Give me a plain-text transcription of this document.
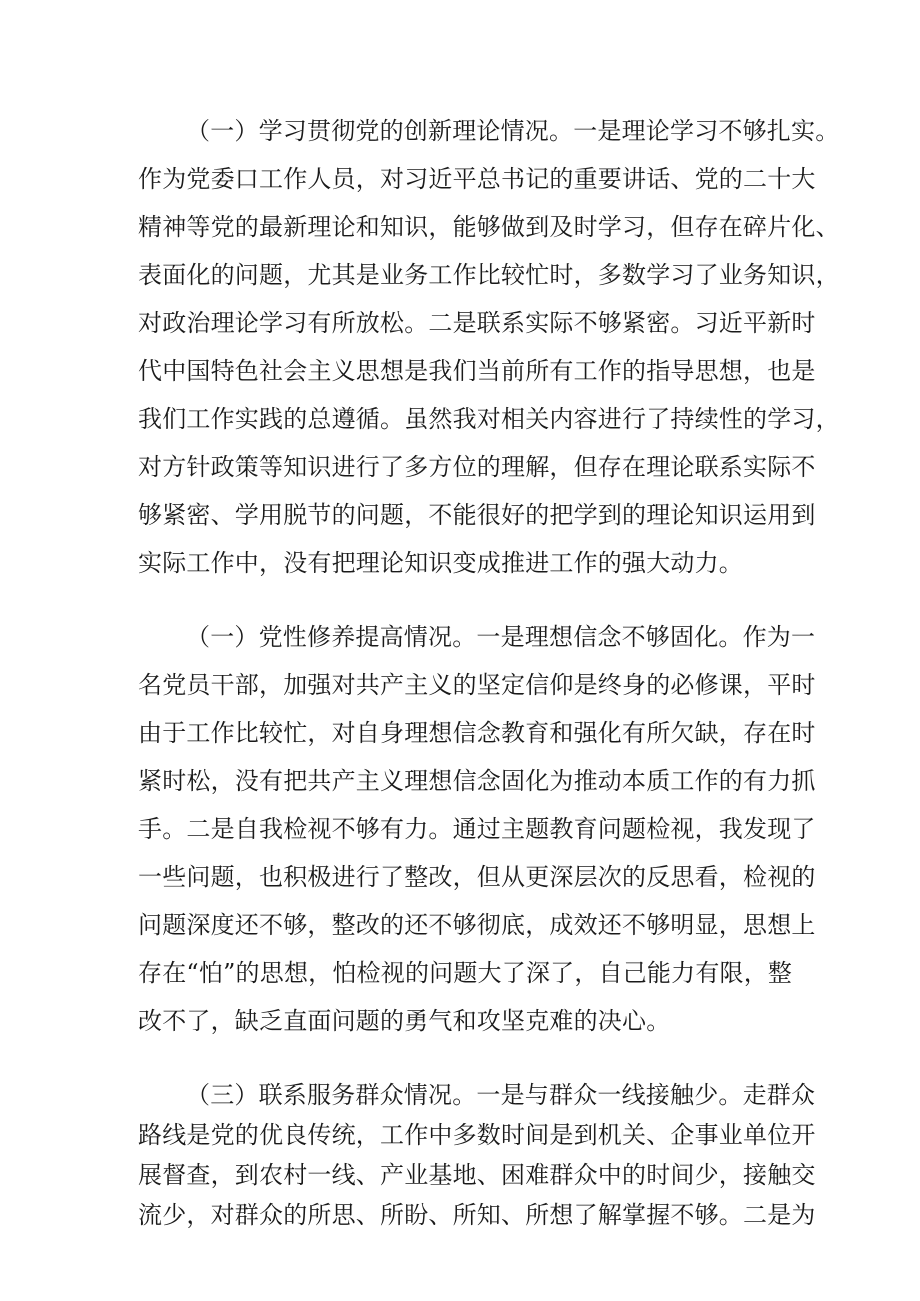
（一）学习贯彻党的创新理论情况。一是理论学习不够扎实。
作为党委口工作人员，对习近平总书记的重要讲话、党的二十大
精神等党的最新理论和知识，能够做到及时学习，但存在碎片化、
表面化的问题，尤其是业务工作比较忙时，多数学习了业务知识，
对政治理论学习有所放松。二是联系实际不够紧密。习近平新时
代中国特色社会主义思想是我们当前所有工作的指导思想，也是
我们工作实践的总遵循。虽然我对相关内容进行了持续性的学习，
对方针政策等知识进行了多方位的理解，但存在理论联系实际不
够紧密、学用脱节的问题，不能很好的把学到的理论知识运用到
实际工作中，没有把理论知识变成推进工作的强大动力。
（一）党性修养提高情况。一是理想信念不够固化。作为一
名党员干部，加强对共产主义的坚定信仰是终身的必修课，平时
由于工作比较忙，对自身理想信念教育和强化有所欠缺，存在时
紧时松，没有把共产主义理想信念固化为推动本质工作的有力抓
手。二是自我检视不够有力。通过主题教育问题检视，我发现了
一些问题，也积极进行了整改，但从更深层次的反思看，检视的
问题深度还不够，整改的还不够彻底，成效还不够明显，思想上
存在“怕”的思想，怕检视的问题大了深了，自己能力有限，整
改不了，缺乏直面问题的勇气和攻坚克难的决心。
（三）联系服务群众情况。一是与群众一线接触少。走群众
路线是党的优良传统，工作中多数时间是到机关、企事业单位开
展督查，到农村一线、产业基地、困难群众中的时间少，接触交
流少，对群众的所思、所盼、所知、所想了解掌握不够。二是为
